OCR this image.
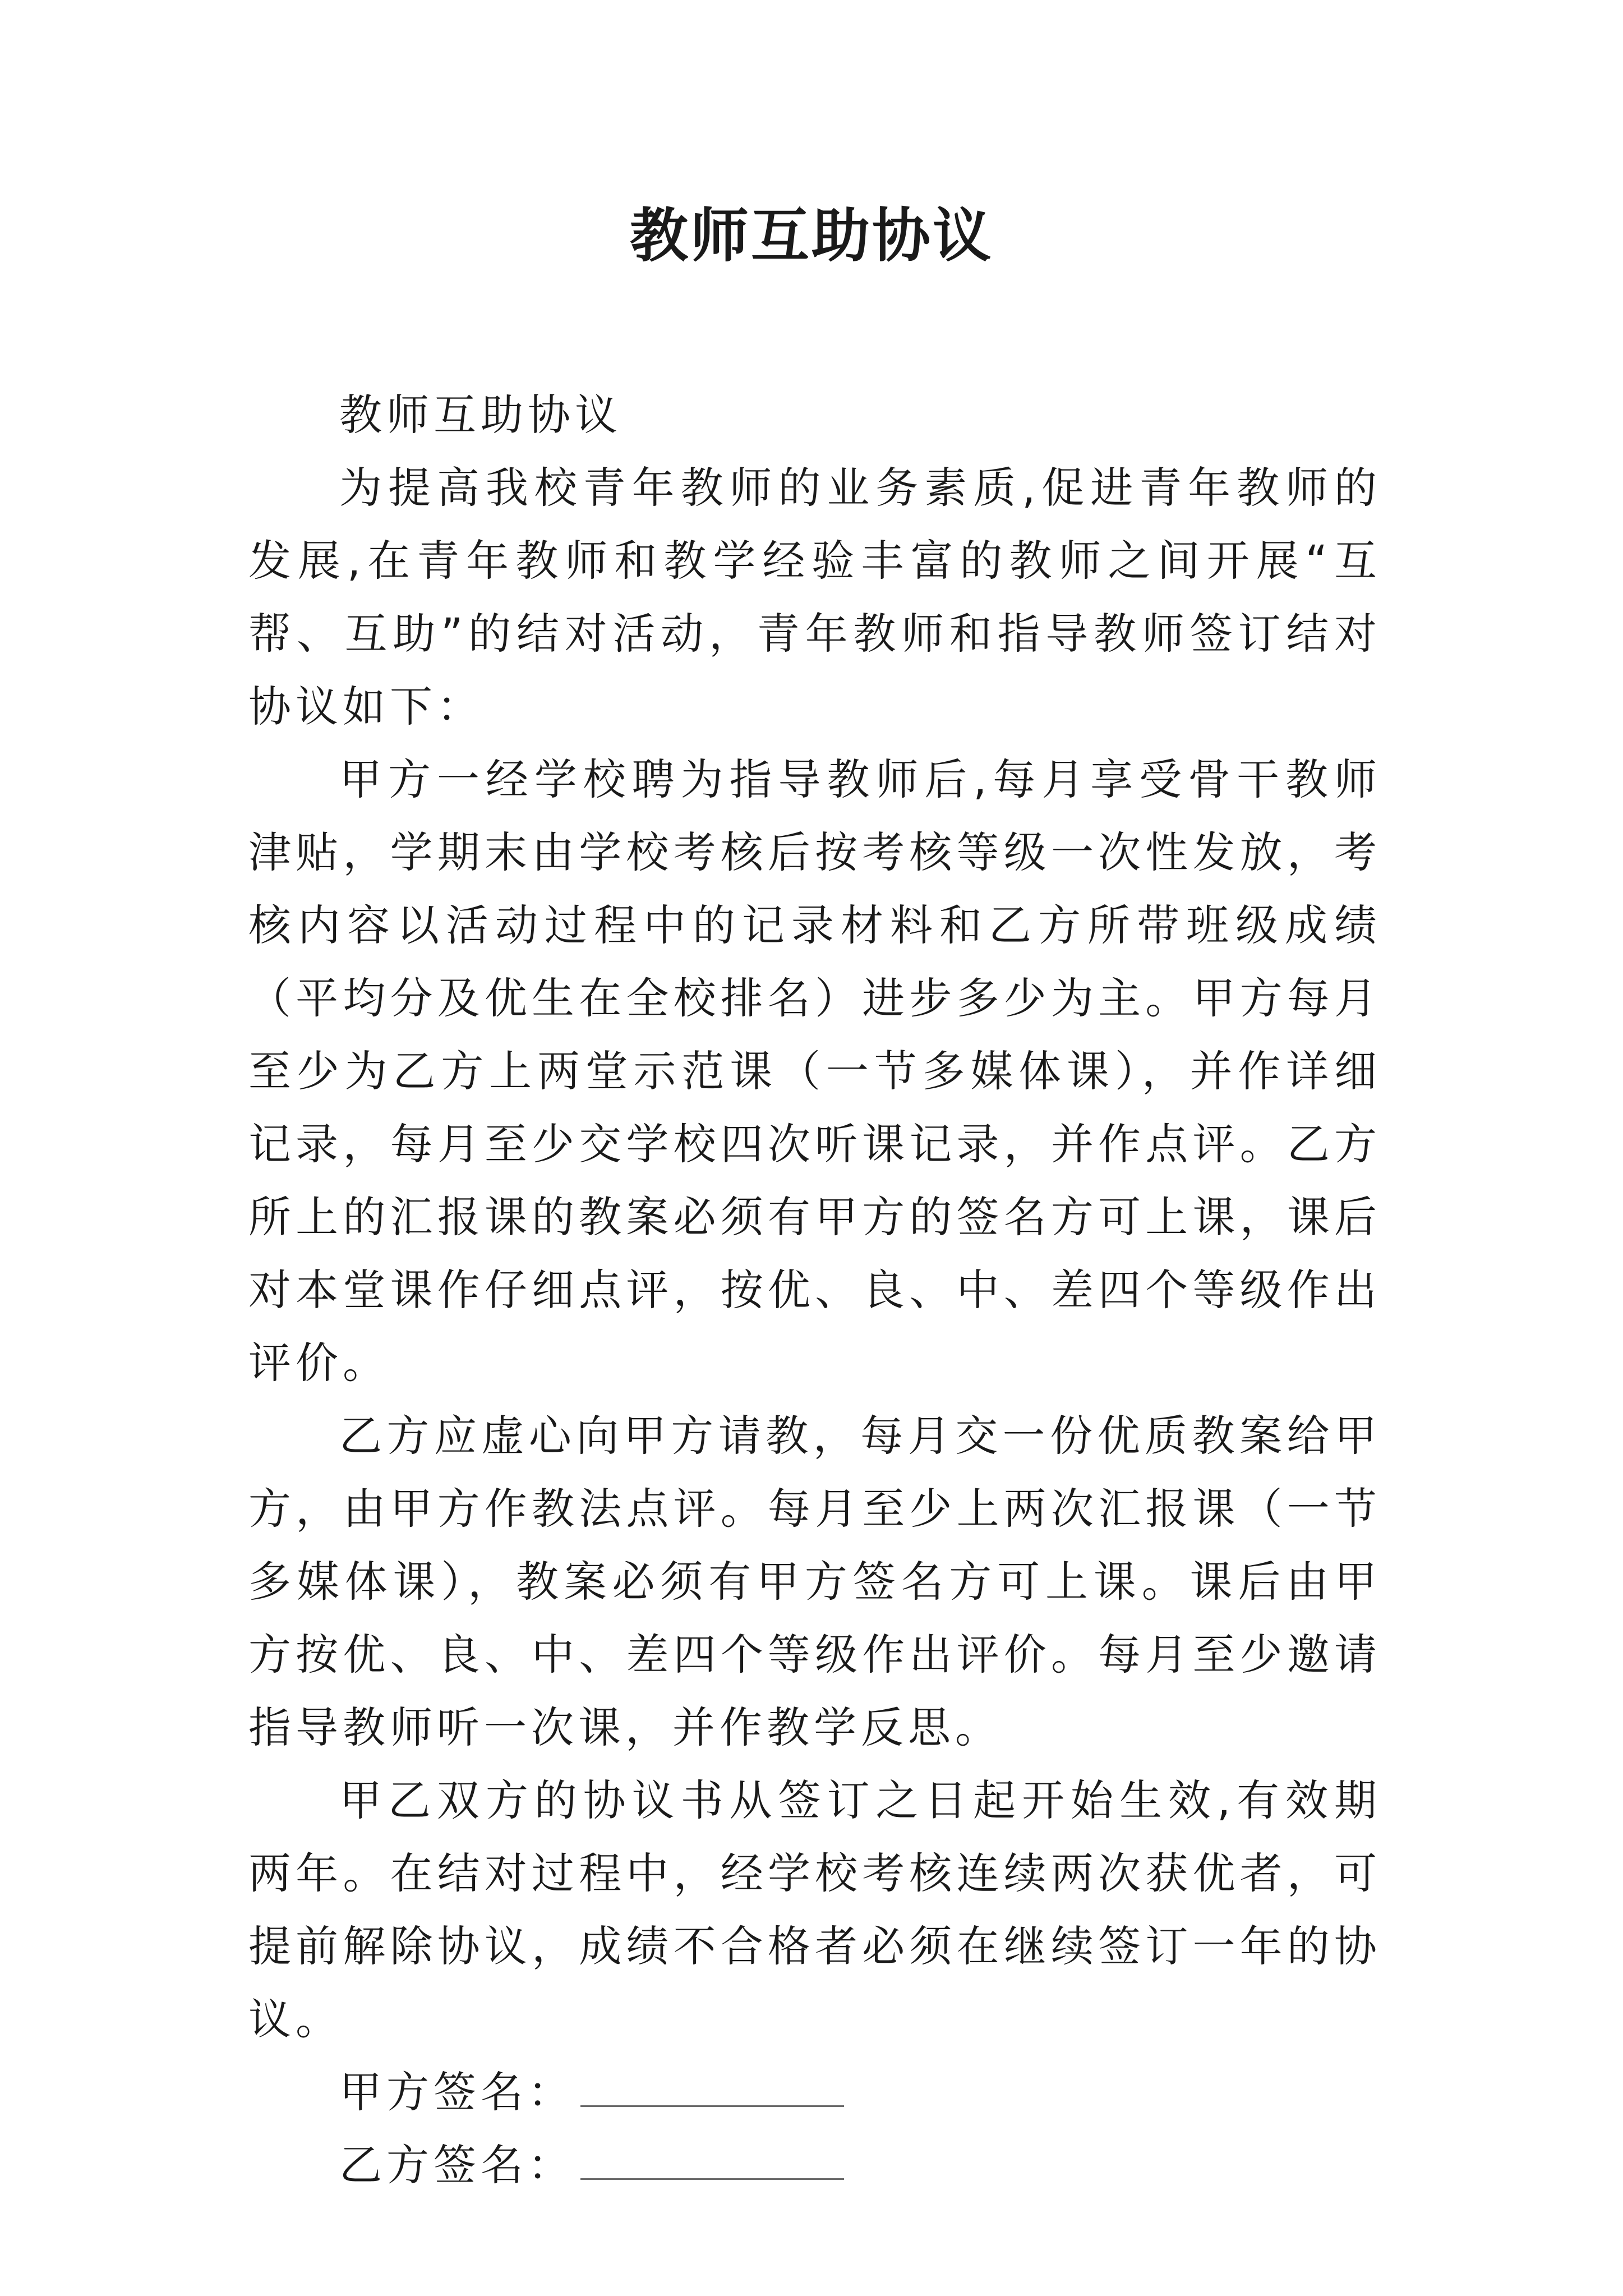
教师互助协议

教师互助协议

为提高我校青年教师的业务素质,促进青年教师的发展,在青年教师和教学经验丰富的教师之间开展“互帮、互助”的结对活动，青年教师和指导教师签订结对协议如下：

甲方一经学校聘为指导教师后,每月享受骨干教师津贴，学期末由学校考核后按考核等级一次性发放，考核内容以活动过程中的记录材料和乙方所带班级成绩（平均分及优生在全校排名）进步多少为主。甲方每月至少为乙方上两堂示范课（一节多媒体课），并作详细记录，每月至少交学校四次听课记录，并作点评。乙方所上的汇报课的教案必须有甲方的签名方可上课，课后对本堂课作仔细点评，按优、良、中、差四个等级作出评价。

乙方应虚心向甲方请教，每月交一份优质教案给甲方，由甲方作教法点评。每月至少上两次汇报课（一节多媒体课），教案必须有甲方签名方可上课。课后由甲方按优、良、中、差四个等级作出评价。每月至少邀请指导教师听一次课，并作教学反思。

甲乙双方的协议书从签订之日起开始生效,有效期两年。在结对过程中，经学校考核连续两次获优者，可提前解除协议，成绩不合格者必须在继续签订一年的协议。

甲方签名：
乙方签名：
